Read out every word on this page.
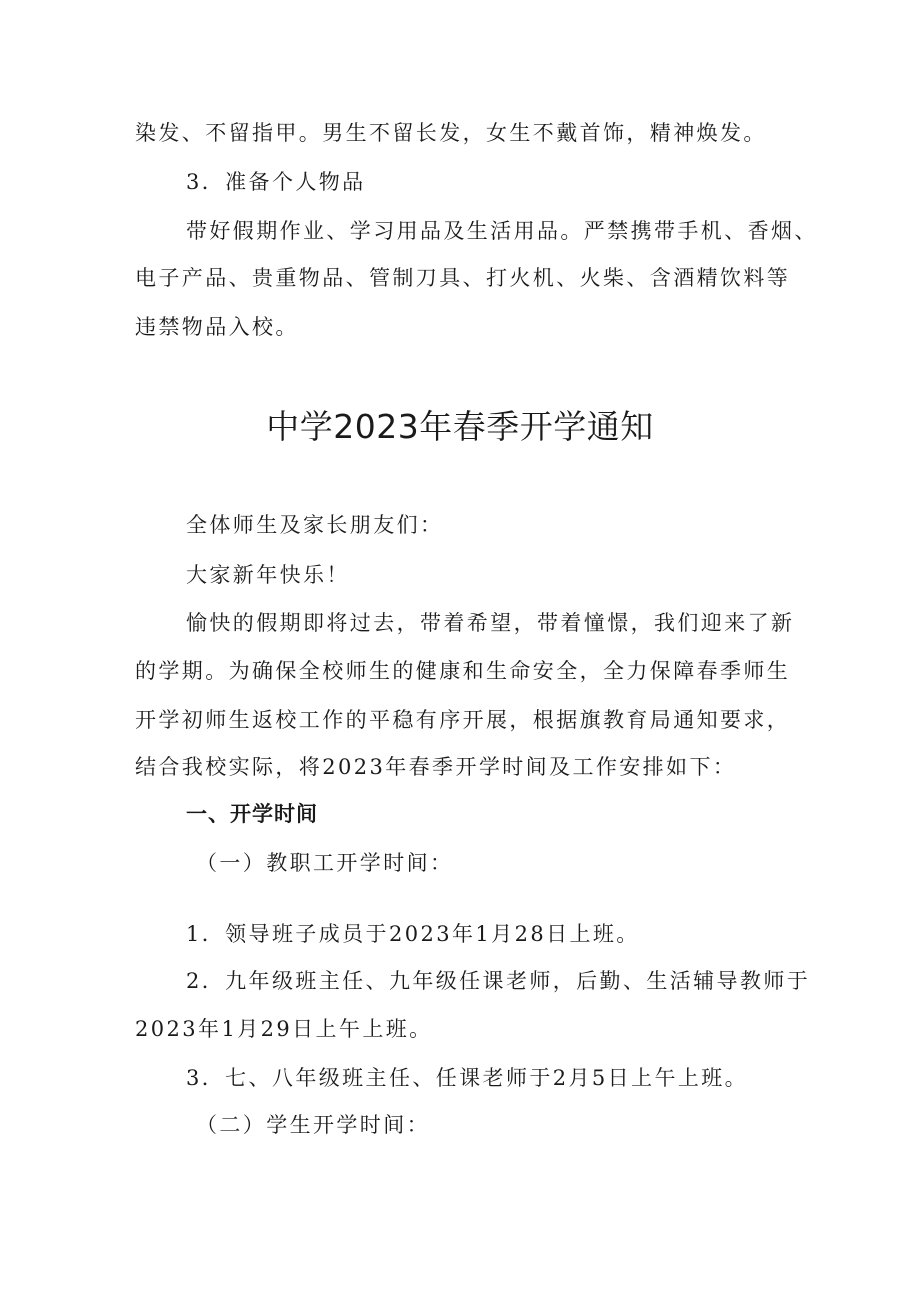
染发、不留指甲。男生不留长发，女生不戴首饰，精神焕发。
3．准备个人物品
带好假期作业、学习用品及生活用品。严禁携带手机、香烟、
电子产品、贵重物品、管制刀具、打火机、火柴、含酒精饮料等
违禁物品入校。
中学2023年春季开学通知
全体师生及家长朋友们：
大家新年快乐！
愉快的假期即将过去，带着希望，带着憧憬，我们迎来了新
的学期。为确保全校师生的健康和生命安全，全力保障春季师生
开学初师生返校工作的平稳有序开展，根据旗教育局通知要求，
结合我校实际，将2023年春季开学时间及工作安排如下：
一、开学时间
（一）教职工开学时间：
1．领导班子成员于2023年1月28日上班。
2．九年级班主任、九年级任课老师，后勤、生活辅导教师于
2023年1月29日上午上班。
3．七、八年级班主任、任课老师于2月5日上午上班。
（二）学生开学时间：
